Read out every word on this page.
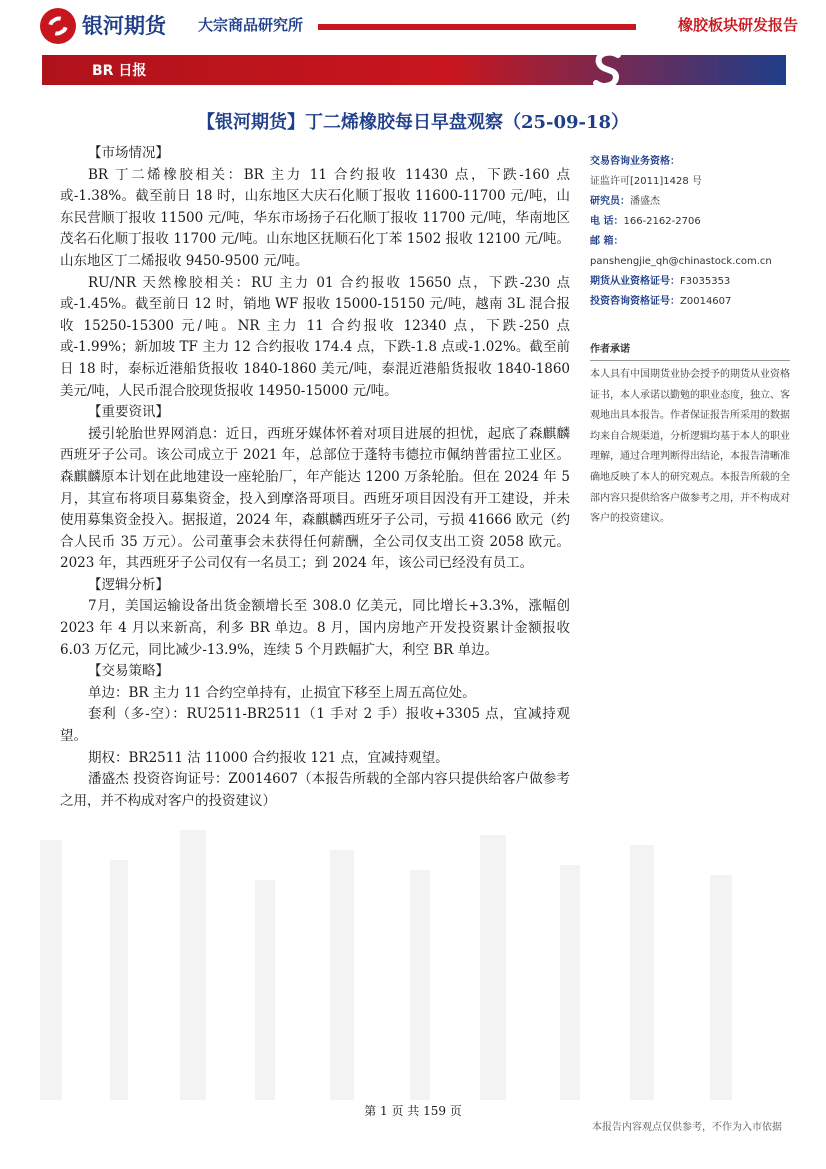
银河期货 大宗商品研究所	橡胶板块研发报告
BR 日报
【银河期货】丁二烯橡胶每日早盘观察（25-09-18）

【市场情况】

BR 丁二烯橡胶相关：BR 主力 11 合约报收 11430 点，下跌-160 点或-1.38%。截至前日 18 时，山东地区大庆石化顺丁报收 11600-11700 元/吨，山东民营顺丁报收 11500 元/吨，华东市场扬子石化顺丁报收 11700 元/吨，华南地区茂名石化顺丁报收 11700 元/吨。山东地区抚顺石化丁苯 1502 报收 12100 元/吨。山东地区丁二烯报收 9450-9500 元/吨。

RU/NR 天然橡胶相关：RU 主力 01 合约报收 15650 点，下跌-230 点或-1.45%。截至前日 12 时，销地 WF 报收 15000-15150 元/吨，越南 3L 混合报收 15250-15300 元/吨。NR 主力 11 合约报收 12340 点，下跌-250 点或-1.99%；新加坡 TF 主力 12 合约报收 174.4 点，下跌-1.8 点或-1.02%。截至前日 18 时，泰标近港船货报收 1840-1860 美元/吨，泰混近港船货报收 1840-1860 美元/吨，人民币混合胶现货报收 14950-15000 元/吨。

【重要资讯】

援引轮胎世界网消息：近日，西班牙媒体怀着对项目进展的担忧，起底了森麒麟西班牙子公司。该公司成立于 2021 年，总部位于蓬特韦德拉市佩纳普雷拉工业区。森麒麟原本计划在此地建设一座轮胎厂，年产能达 1200 万条轮胎。但在 2024 年 5 月，其宣布将项目募集资金，投入到摩洛哥项目。西班牙项目因没有开工建设，并未使用募集资金投入。据报道，2024 年，森麒麟西班牙子公司，亏损 41666 欧元（约合人民币 35 万元）。公司董事会未获得任何薪酬，全公司仅支出工资 2058 欧元。2023 年，其西班牙子公司仅有一名员工；到 2024 年，该公司已经没有员工。

【逻辑分析】

7月，美国运输设备出货金额增长至 308.0 亿美元，同比增长+3.3%，涨幅创 2023 年 4 月以来新高，利多 BR 单边。8 月，国内房地产开发投资累计金额报收 6.03 万亿元，同比减少-13.9%，连续 5 个月跌幅扩大，利空 BR 单边。

【交易策略】

单边：BR 主力 11 合约空单持有，止损宜下移至上周五高位处。

套利（多-空）：RU2511-BR2511（1 手对 2 手）报收+3305 点，宜减持观望。

期权：BR2511 沽 11000 合约报收 121 点，宜减持观望。

潘盛杰 投资咨询证号：Z0014607（本报告所载的全部内容只提供给客户做参考之用，并不构成对客户的投资建议）

交易咨询业务资格：
证监许可[2011]1428 号
研究员：潘盛杰
电 话：166-2162-2706
邮 箱：
panshengjie_qh@chinastock.com.cn
期货从业资格证号：F3035353
投资咨询资格证号：Z0014607
作者承诺
本人具有中国期货业协会授予的期货从业资格证书，本人承诺以勤勉的职业态度，独立、客观地出具本报告。作者保证报告所采用的数据均来自合规渠道，分析逻辑均基于本人的职业理解，通过合理判断得出结论，本报告清晰准确地反映了本人的研究观点。本报告所载的全部内容只提供给客户做参考之用，并不构成对客户的投资建议。
第 1 页 共 159 页
本报告内容观点仅供参考，不作为入市依据
